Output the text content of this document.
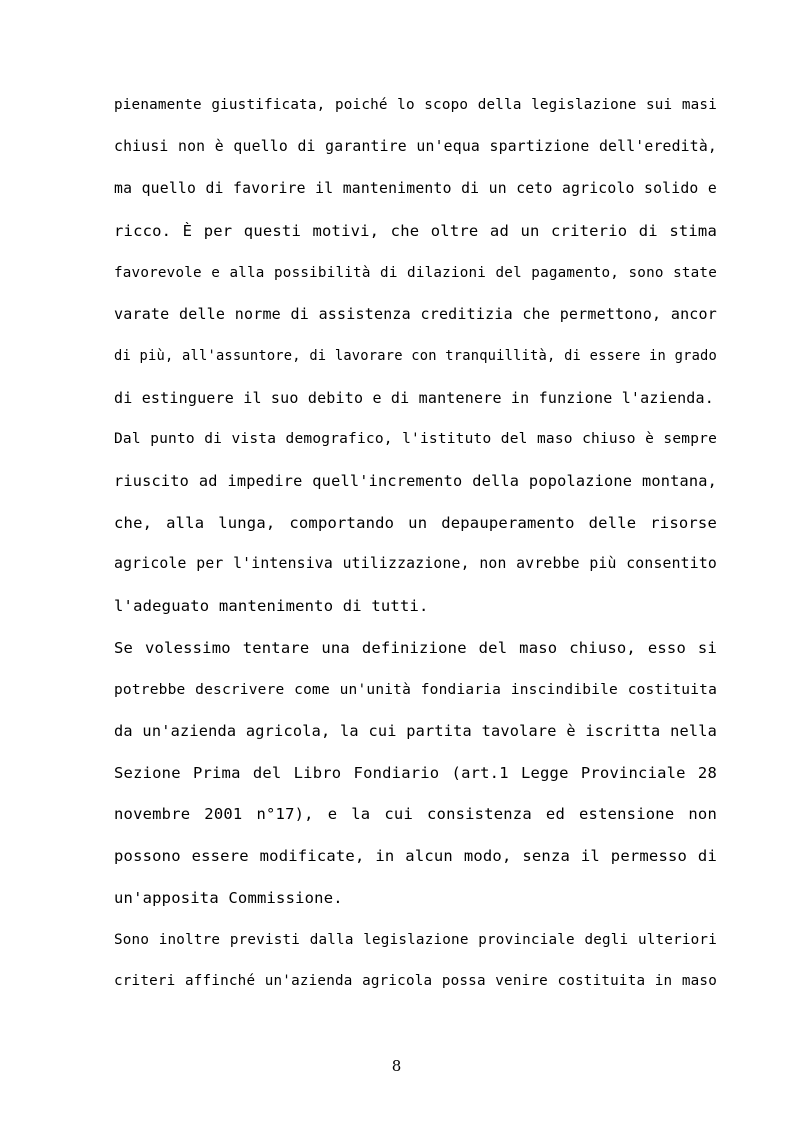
pienamente giustificata, poiché lo scopo della legislazione sui masi
chiusi non è quello di garantire un'equa spartizione dell'eredità,
ma quello di favorire il mantenimento di un ceto agricolo solido e
ricco. È per questi motivi, che oltre ad un criterio di stima
favorevole e alla possibilità di dilazioni del pagamento, sono state
varate delle norme di assistenza creditizia che permettono, ancor
di più, all'assuntore, di lavorare con tranquillità, di essere in grado
di estinguere il suo debito e di mantenere in funzione l'azienda.
Dal punto di vista demografico, l'istituto del maso chiuso è sempre
riuscito ad impedire quell'incremento della popolazione montana,
che, alla lunga, comportando un depauperamento delle risorse
agricole per l'intensiva utilizzazione, non avrebbe più consentito
l'adeguato mantenimento di tutti.
Se volessimo tentare una definizione del maso chiuso, esso si
potrebbe descrivere come un'unità fondiaria inscindibile costituita
da un'azienda agricola, la cui partita tavolare è iscritta nella
Sezione Prima del Libro Fondiario (art.1 Legge Provinciale 28
novembre 2001 n°17), e la cui consistenza ed estensione non
possono essere modificate, in alcun modo, senza il permesso di
un'apposita Commissione.
Sono inoltre previsti dalla legislazione provinciale degli ulteriori
criteri affinché un'azienda agricola possa venire costituita in maso
8
